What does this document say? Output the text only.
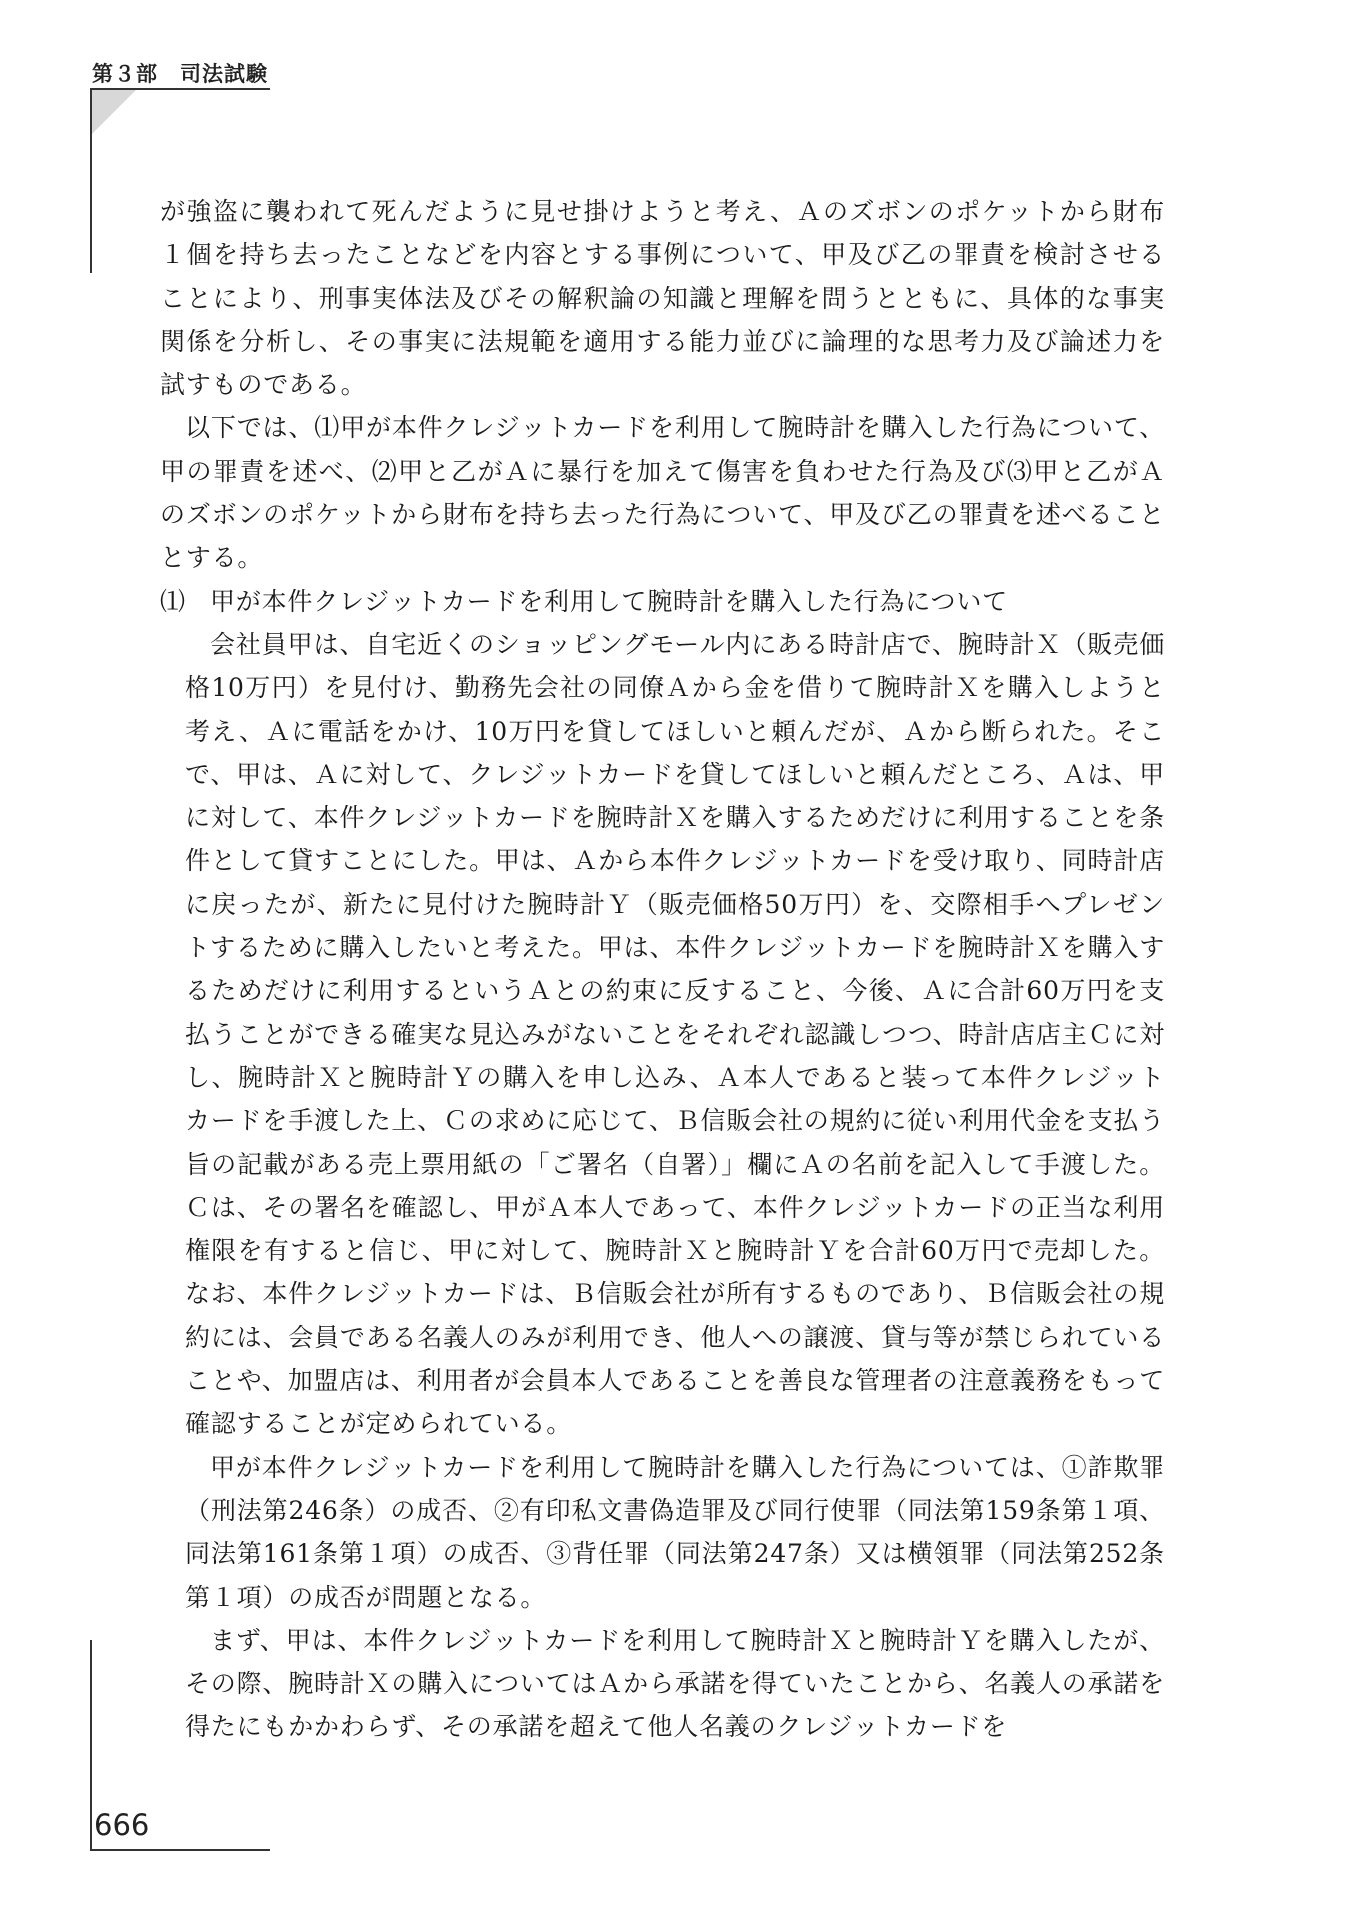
第３部 司法試験

が強盗に襲われて死んだように見せ掛けようと考え、Ａのズボンのポケットから財布１個を持ち去ったことなどを内容とする事例について、甲及び乙の罪責を検討させることにより、刑事実体法及びその解釈論の知識と理解を問うとともに、具体的な事実関係を分析し、その事実に法規範を適用する能力並びに論理的な思考力及び論述力を試すものである。

以下では、⑴甲が本件クレジットカードを利用して腕時計を購入した行為について、甲の罪責を述べ、⑵甲と乙がＡに暴行を加えて傷害を負わせた行為及び⑶甲と乙がＡのズボンのポケットから財布を持ち去った行為について、甲及び乙の罪責を述べることとする。

⑴ 甲が本件クレジットカードを利用して腕時計を購入した行為について

会社員甲は、自宅近くのショッピングモール内にある時計店で、腕時計Ｘ（販売価格10万円）を見付け、勤務先会社の同僚Ａから金を借りて腕時計Ｘを購入しようと考え、Ａに電話をかけ、10万円を貸してほしいと頼んだが、Ａから断られた。そこで、甲は、Ａに対して、クレジットカードを貸してほしいと頼んだところ、Ａは、甲に対して、本件クレジットカードを腕時計Ｘを購入するためだけに利用することを条件として貸すことにした。甲は、Ａから本件クレジットカードを受け取り、同時計店に戻ったが、新たに見付けた腕時計Ｙ（販売価格50万円）を、交際相手へプレゼントするために購入したいと考えた。甲は、本件クレジットカードを腕時計Ｘを購入するためだけに利用するというＡとの約束に反すること、今後、Ａに合計60万円を支払うことができる確実な見込みがないことをそれぞれ認識しつつ、時計店店主Ｃに対し、腕時計Ｘと腕時計Ｙの購入を申し込み、Ａ本人であると装って本件クレジットカードを手渡した上、Ｃの求めに応じて、Ｂ信販会社の規約に従い利用代金を支払う旨の記載がある売上票用紙の「ご署名（自署）」欄にＡの名前を記入して手渡した。Ｃは、その署名を確認し、甲がＡ本人であって、本件クレジットカードの正当な利用権限を有すると信じ、甲に対して、腕時計Ｘと腕時計Ｙを合計60万円で売却した。なお、本件クレジットカードは、Ｂ信販会社が所有するものであり、Ｂ信販会社の規約には、会員である名義人のみが利用でき、他人への譲渡、貸与等が禁じられていることや、加盟店は、利用者が会員本人であることを善良な管理者の注意義務をもって確認することが定められている。

甲が本件クレジットカードを利用して腕時計を購入した行為については、①詐欺罪（刑法第246条）の成否、②有印私文書偽造罪及び同行使罪（同法第159条第１項、同法第161条第１項）の成否、③背任罪（同法第247条）又は横領罪（同法第252条第１項）の成否が問題となる。

まず、甲は、本件クレジットカードを利用して腕時計Ｘと腕時計Ｙを購入したが、その際、腕時計Ｘの購入についてはＡから承諾を得ていたことから、名義人の承諾を得たにもかかわらず、その承諾を超えて他人名義のクレジットカードを

666
